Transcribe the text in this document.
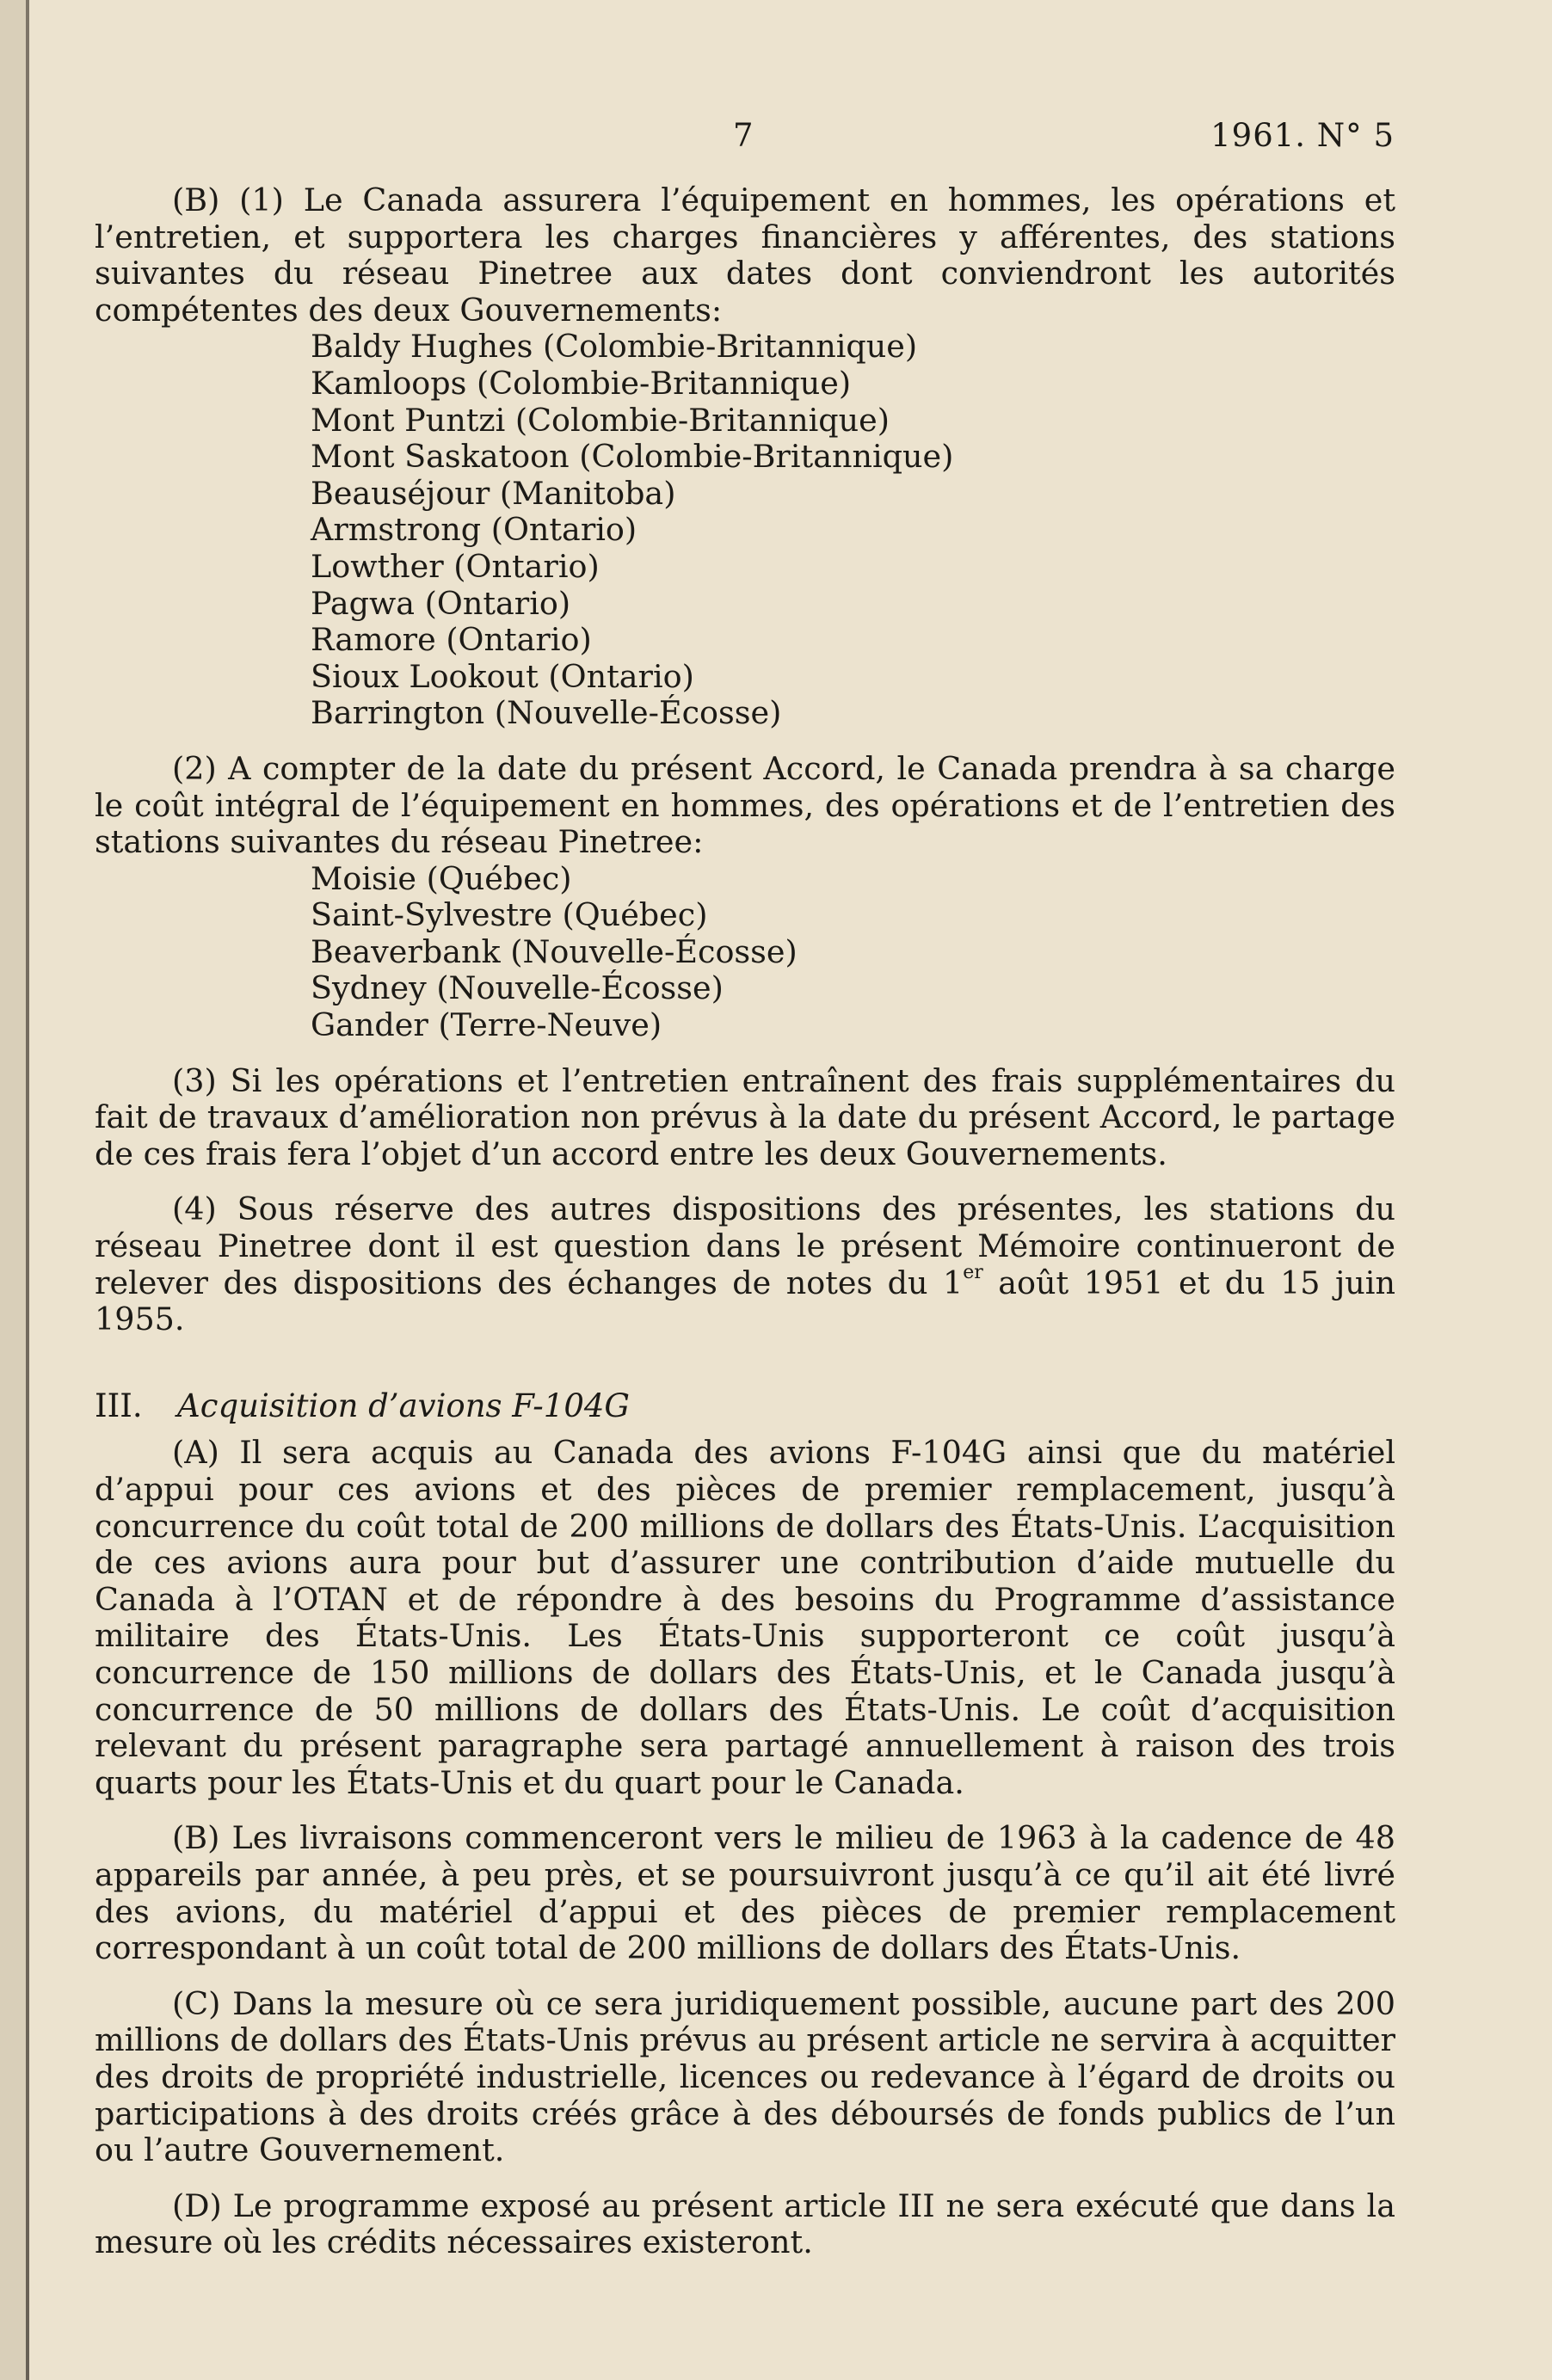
7	1961. N° 5

(B) (1) Le Canada assurera l’équipement en hommes, les opérations et l’entretien, et supportera les charges financières y afférentes, des stations suivantes du réseau Pinetree aux dates dont conviendront les autorités compétentes des deux Gouvernements:

Baldy Hughes (Colombie-Britannique)
Kamloops (Colombie-Britannique)
Mont Puntzi (Colombie-Britannique)
Mont Saskatoon (Colombie-Britannique)
Beauséjour (Manitoba)
Armstrong (Ontario)
Lowther (Ontario)
Pagwa (Ontario)
Ramore (Ontario)
Sioux Lookout (Ontario)
Barrington (Nouvelle-Écosse)

(2) A compter de la date du présent Accord, le Canada prendra à sa charge le coût intégral de l’équipement en hommes, des opérations et de l’entretien des stations suivantes du réseau Pinetree:

Moisie (Québec)
Saint-Sylvestre (Québec)
Beaverbank (Nouvelle-Écosse)
Sydney (Nouvelle-Écosse)
Gander (Terre-Neuve)

(3) Si les opérations et l’entretien entraînent des frais supplémentaires du fait de travaux d’amélioration non prévus à la date du présent Accord, le partage de ces frais fera l’objet d’un accord entre les deux Gouvernements.

(4) Sous réserve des autres dispositions des présentes, les stations du réseau Pinetree dont il est question dans le présent Mémoire continueront de relever des dispositions des échanges de notes du 1er août 1951 et du 15 juin 1955.

III. Acquisition d’avions F-104G

(A) Il sera acquis au Canada des avions F-104G ainsi que du matériel d’appui pour ces avions et des pièces de premier remplacement, jusqu’à concurrence du coût total de 200 millions de dollars des États-Unis. L’acquisition de ces avions aura pour but d’assurer une contribution d’aide mutuelle du Canada à l’OTAN et de répondre à des besoins du Programme d’assistance militaire des États-Unis. Les États-Unis supporteront ce coût jusqu’à concurrence de 150 millions de dollars des États-Unis, et le Canada jusqu’à concurrence de 50 millions de dollars des États-Unis. Le coût d’acquisition relevant du présent paragraphe sera partagé annuellement à raison des trois quarts pour les États-Unis et du quart pour le Canada.

(B) Les livraisons commenceront vers le milieu de 1963 à la cadence de 48 appareils par année, à peu près, et se poursuivront jusqu’à ce qu’il ait été livré des avions, du matériel d’appui et des pièces de premier remplacement correspondant à un coût total de 200 millions de dollars des États-Unis.

(C) Dans la mesure où ce sera juridiquement possible, aucune part des 200 millions de dollars des États-Unis prévus au présent article ne servira à acquitter des droits de propriété industrielle, licences ou redevance à l’égard de droits ou participations à des droits créés grâce à des déboursés de fonds publics de l’un ou l’autre Gouvernement.

(D) Le programme exposé au présent article III ne sera exécuté que dans la mesure où les crédits nécessaires existeront.
